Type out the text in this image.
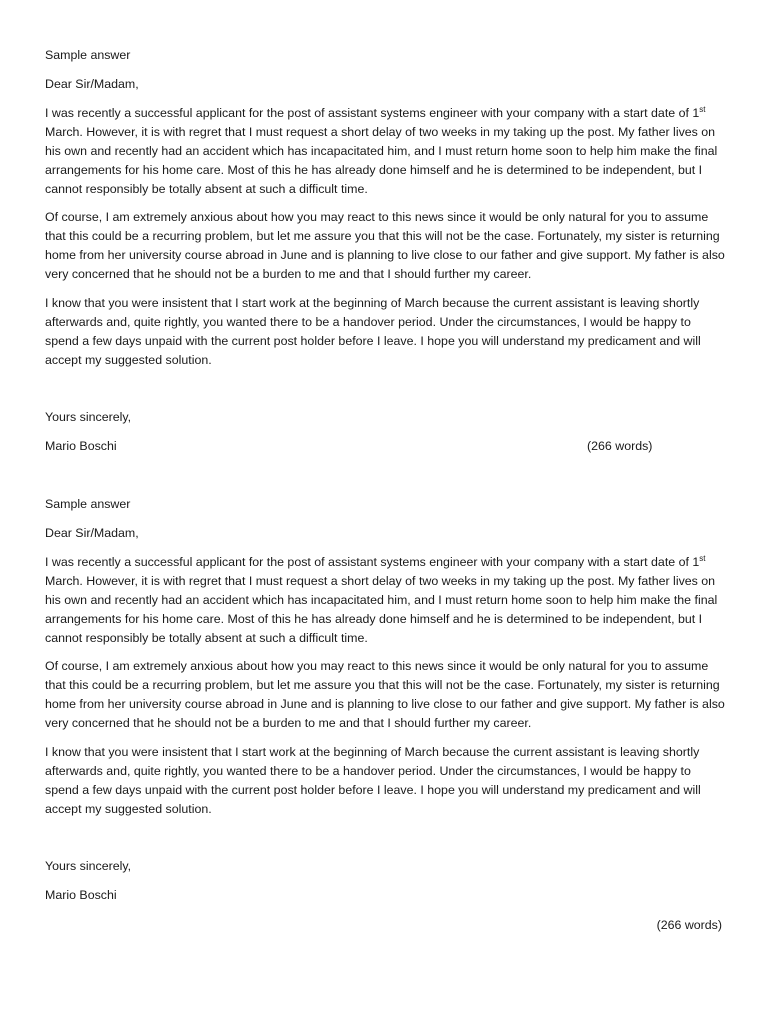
Sample answer
Dear Sir/Madam,

I was recently a successful applicant for the post of assistant systems engineer with your company with a start date of 1st March. However, it is with regret that I must request a short delay of two weeks in my taking up the post. My father lives on his own and recently had an accident which has incapacitated him, and I must return home soon to help him make the final arrangements for his home care. Most of this he has already done himself and he is determined to be independent, but I cannot responsibly be totally absent at such a difficult time.

Of course, I am extremely anxious about how you may react to this news since it would be only natural for you to assume that this could be a recurring problem, but let me assure you that this will not be the case. Fortunately, my sister is returning home from her university course abroad in June and is planning to live close to our father and give support. My father is also very concerned that he should not be a burden to me and that I should further my career.

I know that you were insistent that I start work at the beginning of March because the current assistant is leaving shortly afterwards and, quite rightly, you wanted there to be a handover period. Under the circumstances, I would be happy to spend a few days unpaid with the current post holder before I leave. I hope you will understand my predicament and will accept my suggested solution.

Yours sincerely,
Mario Boschi	(266 words)
Sample answer
Dear Sir/Madam,

I was recently a successful applicant for the post of assistant systems engineer with your company with a start date of 1st March. However, it is with regret that I must request a short delay of two weeks in my taking up the post. My father lives on his own and recently had an accident which has incapacitated him, and I must return home soon to help him make the final arrangements for his home care. Most of this he has already done himself and he is determined to be independent, but I cannot responsibly be totally absent at such a difficult time.

Of course, I am extremely anxious about how you may react to this news since it would be only natural for you to assume that this could be a recurring problem, but let me assure you that this will not be the case. Fortunately, my sister is returning home from her university course abroad in June and is planning to live close to our father and give support. My father is also very concerned that he should not be a burden to me and that I should further my career.

I know that you were insistent that I start work at the beginning of March because the current assistant is leaving shortly afterwards and, quite rightly, you wanted there to be a handover period. Under the circumstances, I would be happy to spend a few days unpaid with the current post holder before I leave. I hope you will understand my predicament and will accept my suggested solution.

Yours sincerely,
Mario Boschi
(266 words)
